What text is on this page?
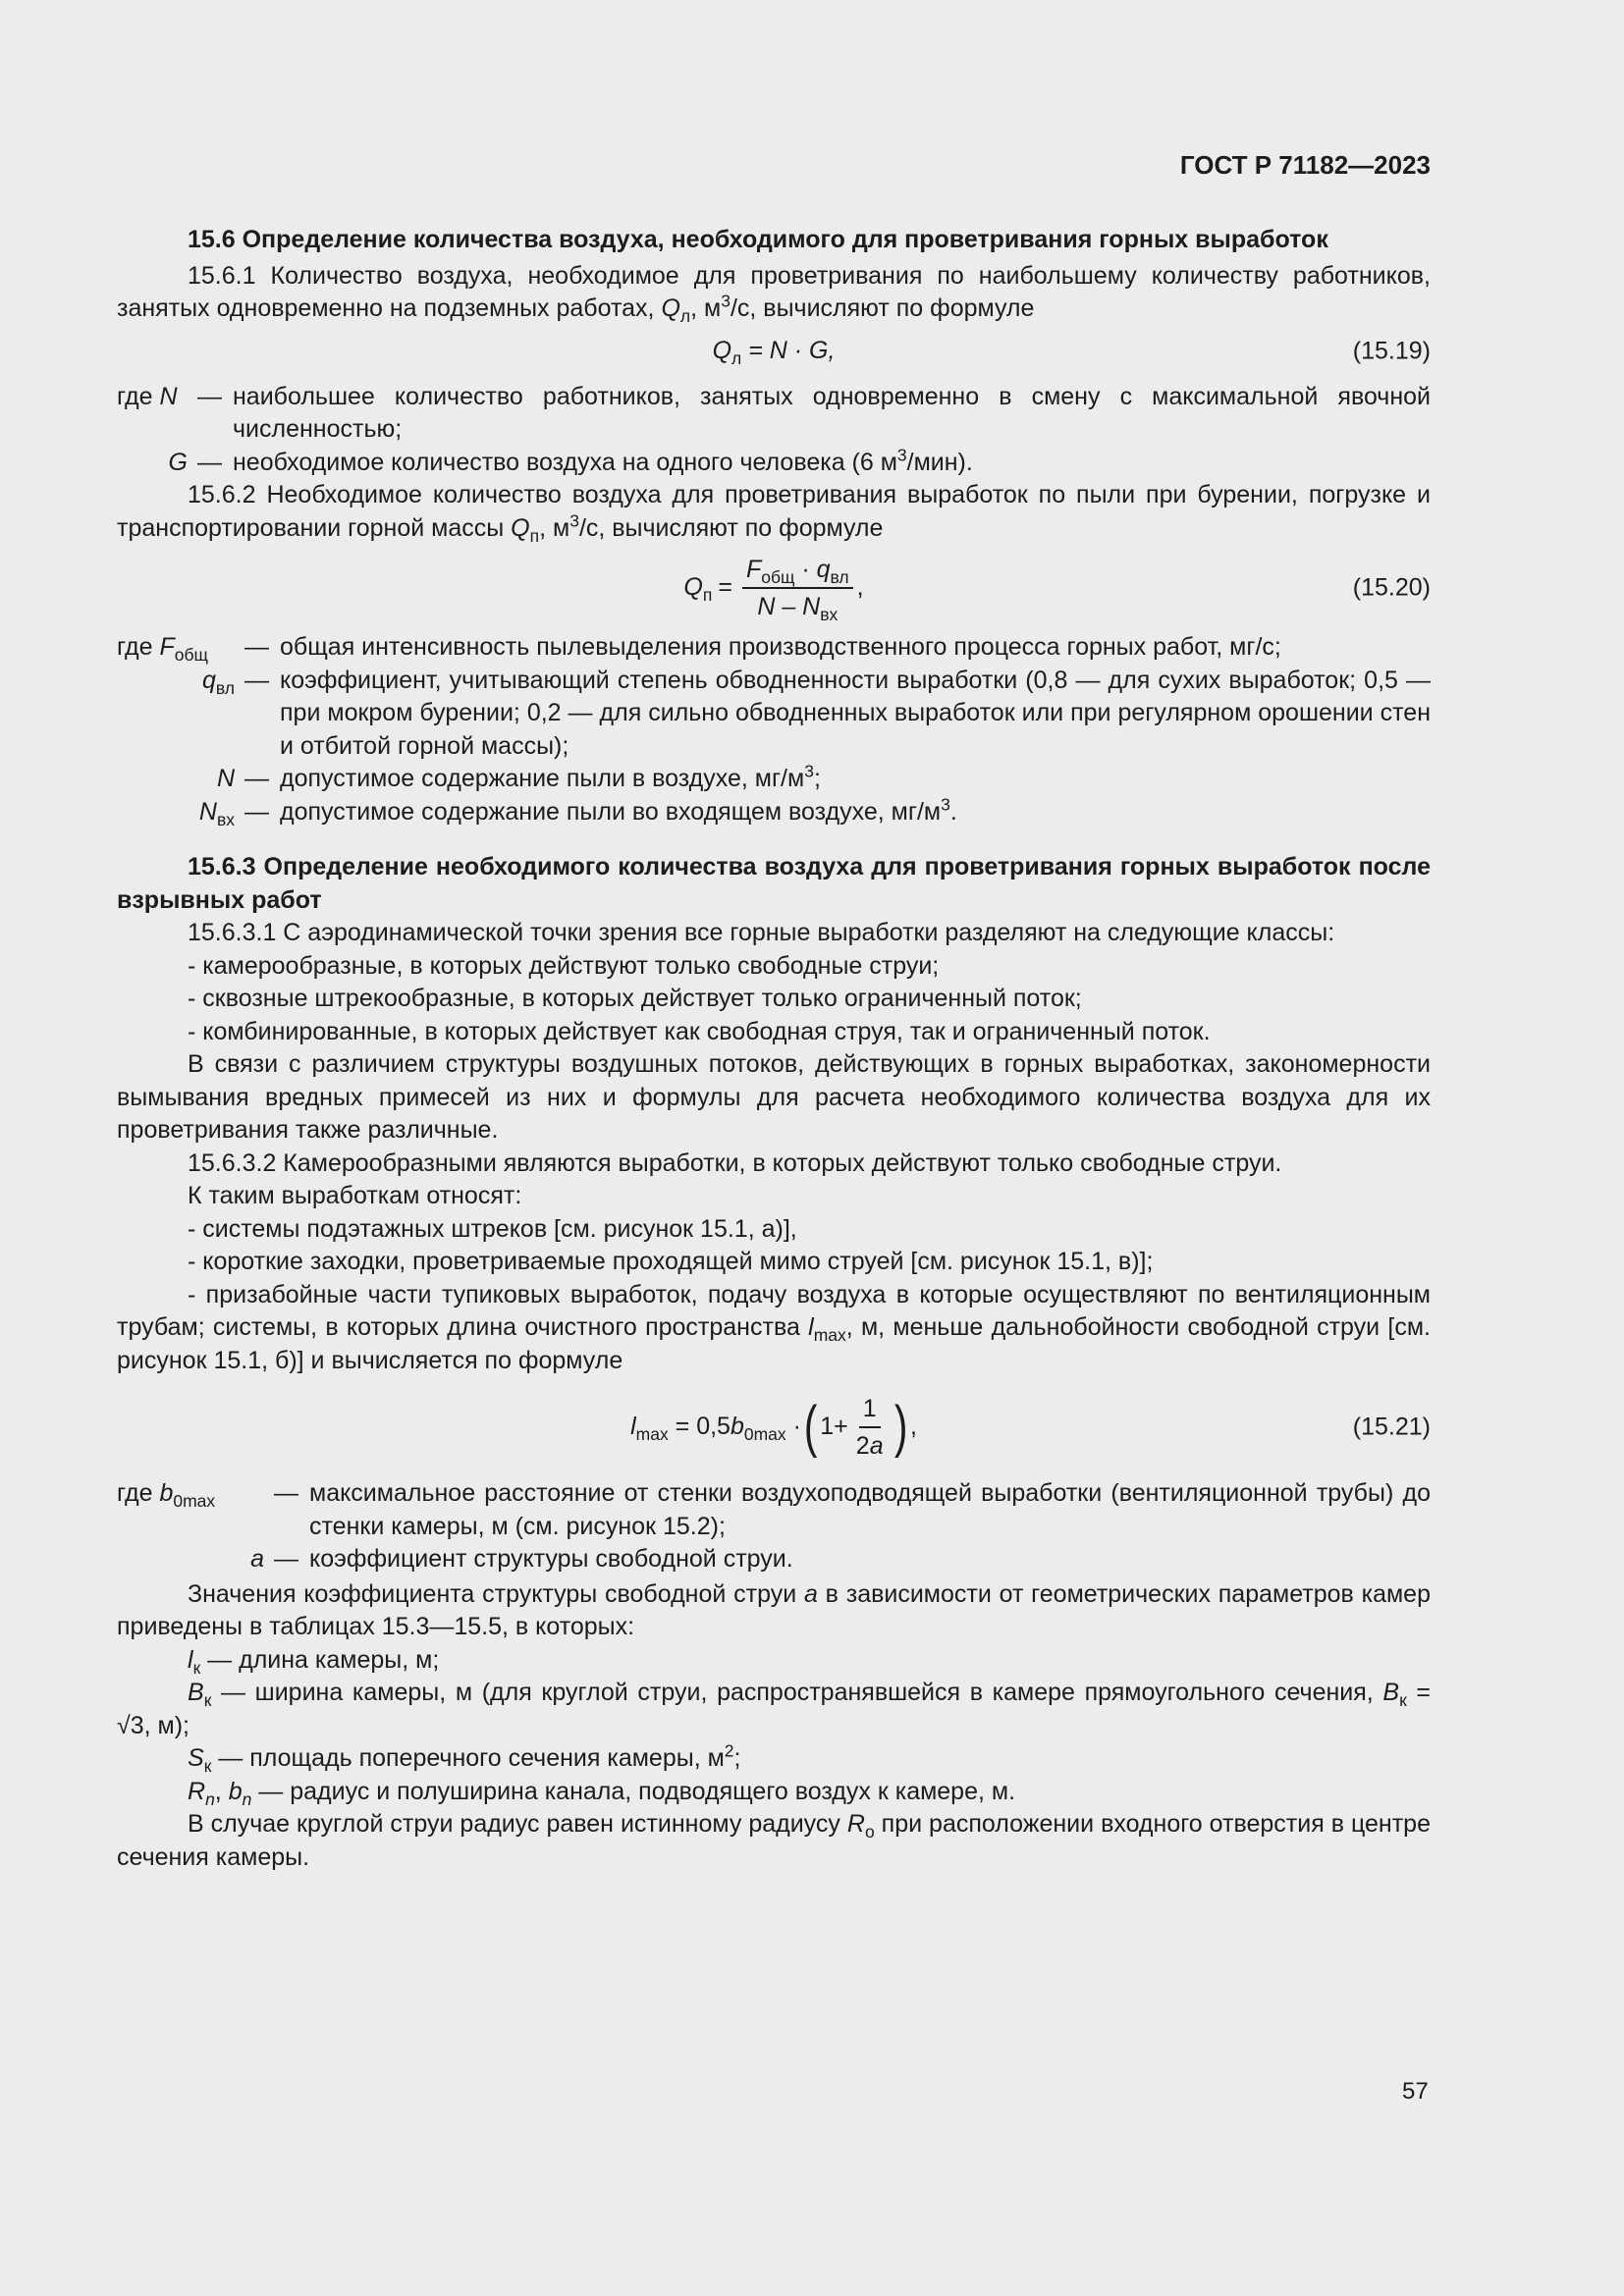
ГОСТ Р 71182—2023

15.6 Определение количества воздуха, необходимого для проветривания горных выработок

15.6.1 Количество воздуха, необходимое для проветривания по наибольшему количеству работников, занятых одновременно на подземных работах, $Q_л$, $м^3/с$, вычисляют по формуле

$Q_л = N \cdot G$,	(15.19)
где N — наибольшее количество работников, занятых одновременно в смену с максимальной явочной численностью;
G — необходимое количество воздуха на одного человека (6 $м^3/мин$).

15.6.2 Необходимое количество воздуха для проветривания выработок по пыли при бурении, погрузке и транспортировании горной массы $Q_п$, $м^3/с$, вычисляют по формуле

$Q_п = \frac{F_{общ} \cdot q_{вл}}{N - N_{вх}}$ ,	(15.20)
где $F_{общ}$	— общая интенсивность пылевыделения производственного процесса горных работ, мг/с;
$q_{вл}$ — коэффициент, учитывающий степень обводненности выработки (0,8 — для сухих выработок; 0,5 — при мокром бурении; 0,2 — для сильно обводненных выработок или при регулярном орошении стен и отбитой горной массы);
N — допустимое содержание пыли в воздухе, $мг/м^3$;
$N_{вх}$ — допустимое содержание пыли во входящем воздухе, $мг/м^3$.

15.6.3 Определение необходимого количества воздуха для проветривания горных выработок после взрывных работ

15.6.3.1 С аэродинамической точки зрения все горные выработки разделяют на следующие классы:

- камерообразные, в которых действуют только свободные струи;

- сквозные штрекообразные, в которых действует только ограниченный поток;

- комбинированные, в которых действует как свободная струя, так и ограниченный поток.

В связи с различием структуры воздушных потоков, действующих в горных выработках, закономерности вымывания вредных примесей из них и формулы для расчета необходимого количества воздуха для их проветривания также различные.

15.6.3.2 Камерообразными являются выработки, в которых действуют только свободные струи.

К таким выработкам относят:

- системы подэтажных штреков [см. рисунок 15.1, а)],

- короткие заходки, проветриваемые проходящей мимо струей [см. рисунок 15.1, в)];

- призабойные части тупиковых выработок, подачу воздуха в которые осуществляют по вентиляционным трубам; системы, в которых длина очистного пространства $l_{max}$, м, меньше дальнобойности свободной струи [см. рисунок 15.1, б)] и вычисляется по формуле

$l_{max} = 0,5b_{0max}$ · ( $1+ \frac{1}{2a}$ ) ,	(15.21)
где $b_{0max}$	— максимальное расстояние от стенки воздухоподводящей выработки (вентиляционной трубы) до стенки камеры, м (см. рисунок 15.2);
a — коэффициент структуры свободной струи.

Значения коэффициента структуры свободной струи a в зависимости от геометрических параметров камер приведены в таблицах 15.3—15.5, в которых:

$l_к$ — длина камеры, м;

$B_к$ — ширина камеры, м (для круглой струи, распространявшейся в камере прямоугольного сечения, $B_к = √3$, м);

$S_к$ — площадь поперечного сечения камеры, $м^2$;

$R_n$, $b_n$ — радиус и полуширина канала, подводящего воздух к камере, м.

В случае круглой струи радиус равен истинному радиусу $R_o$ при расположении входного отверстия в центре сечения камеры.

57
